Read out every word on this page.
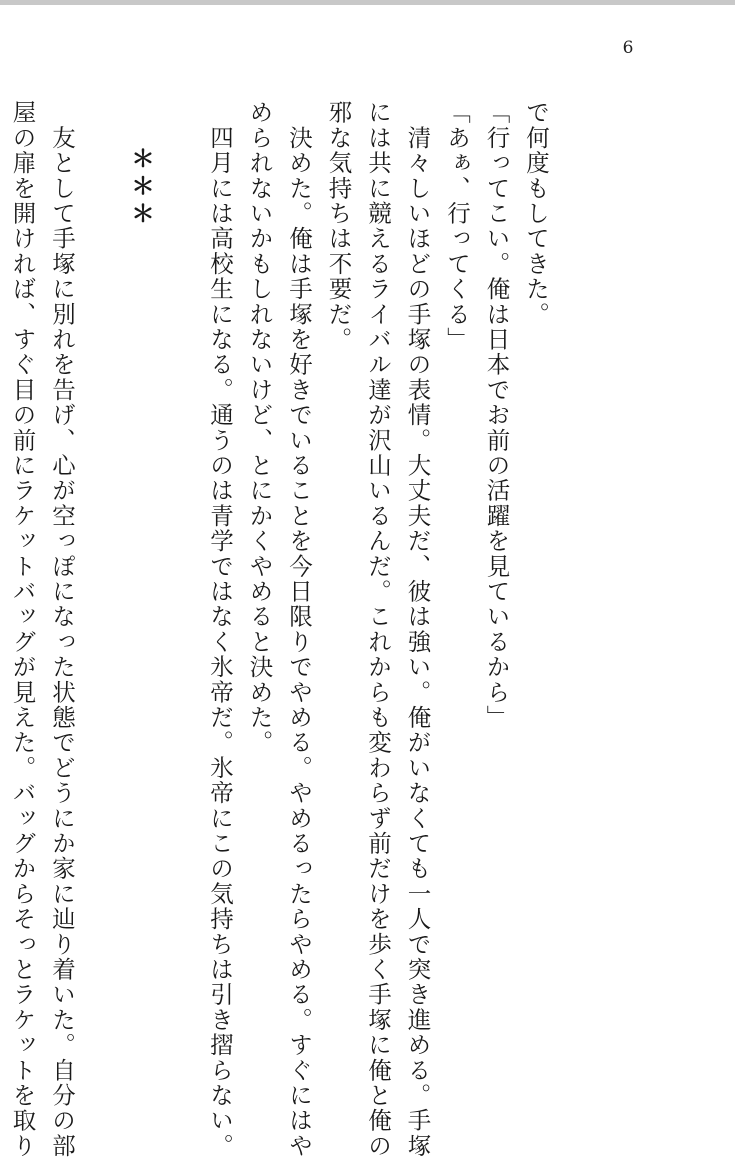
6

で何度もしてきた。

「行ってこい。俺は日本でお前の活躍を見ているから」

「あぁ、行ってくる」

　清々しいほどの手塚の表情。大丈夫だ、彼は強い。俺がいなくても一人で突き進める。手塚

には共に競えるライバル達が沢山いるんだ。これからも変わらず前だけを歩く手塚に俺と俺の

邪な気持ちは不要だ。

　決めた。俺は手塚を好きでいることを今日限りでやめる。やめるったらやめる。すぐにはや

められないかもしれないけど、とにかくやめると決めた。

　四月には高校生になる。通うのは青学ではなく氷帝だ。氷帝にこの気持ちは引き摺らない。

＊＊＊

　友として手塚に別れを告げ、心が空っぽになった状態でどうにか家に辿り着いた。自分の部

屋の扉を開ければ、すぐ目の前にラケットバッグが見えた。バッグからそっとラケットを取り
